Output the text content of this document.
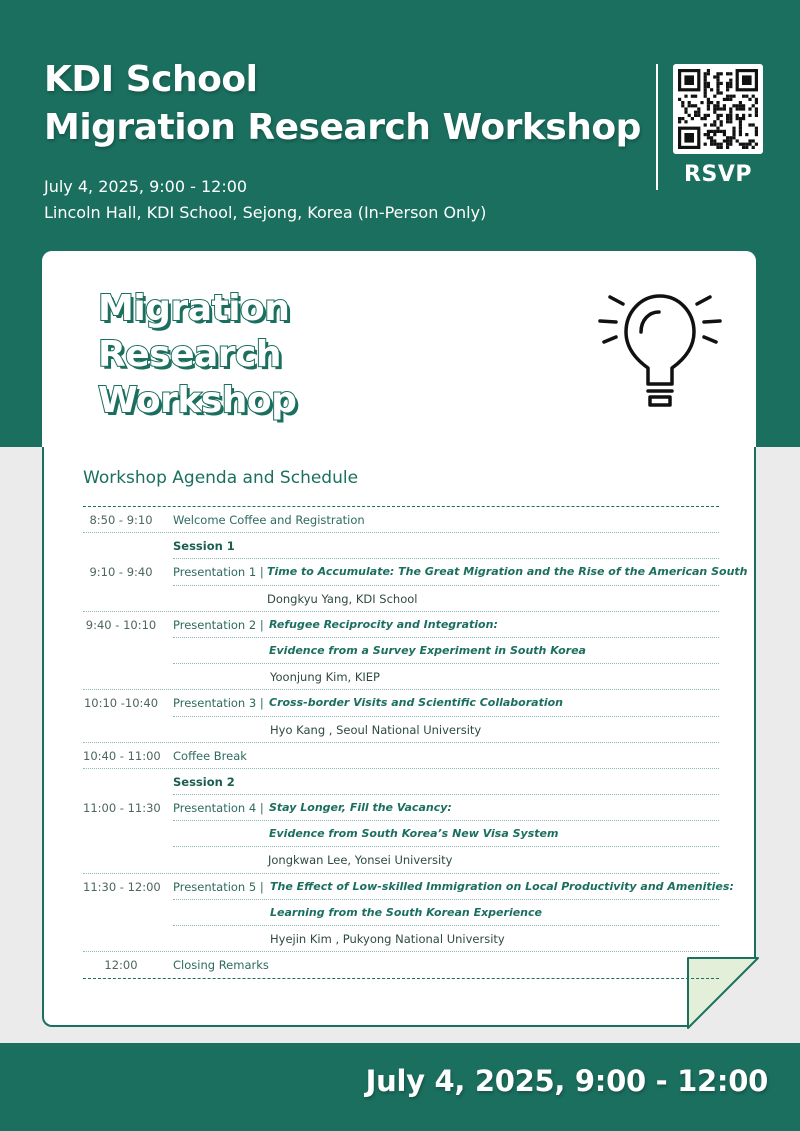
KDI School
Migration Research Workshop
July 4, 2025, 9:00 - 12:00
Lincoln Hall, KDI School, Sejong, Korea (In-Person Only)
RSVP
Migration
Research
Workshop
Workshop Agenda and Schedule
8:50 - 9:10	Welcome Coffee and Registration
Session 1
9:10 - 9:40	Presentation 1 | Time to Accumulate: The Great Migration and the Rise of the American South
Dongkyu Yang, KDI School
9:40 - 10:10 Presentation 2 | Refugee Reciprocity and Integration:
Evidence from a Survey Experiment in South Korea
Yoonjung Kim, KIEP
10:10 -10:40 Presentation 3 | Cross-border Visits and Scientific Collaboration
Hyo Kang , Seoul National University
10:40 - 11:00 Coffee Break
Session 2
11:00 - 11:30 Presentation 4 | Stay Longer, Fill the Vacancy:
Evidence from South Korea’s New Visa System
Jongkwan Lee, Yonsei University
11:30 - 12:00 Presentation 5 | The Effect of Low-skilled Immigration on Local Productivity and Amenities:
Learning from the South Korean Experience
Hyejin Kim , Pukyong National University
12:00	Closing Remarks
July 4, 2025, 9:00 - 12:00
